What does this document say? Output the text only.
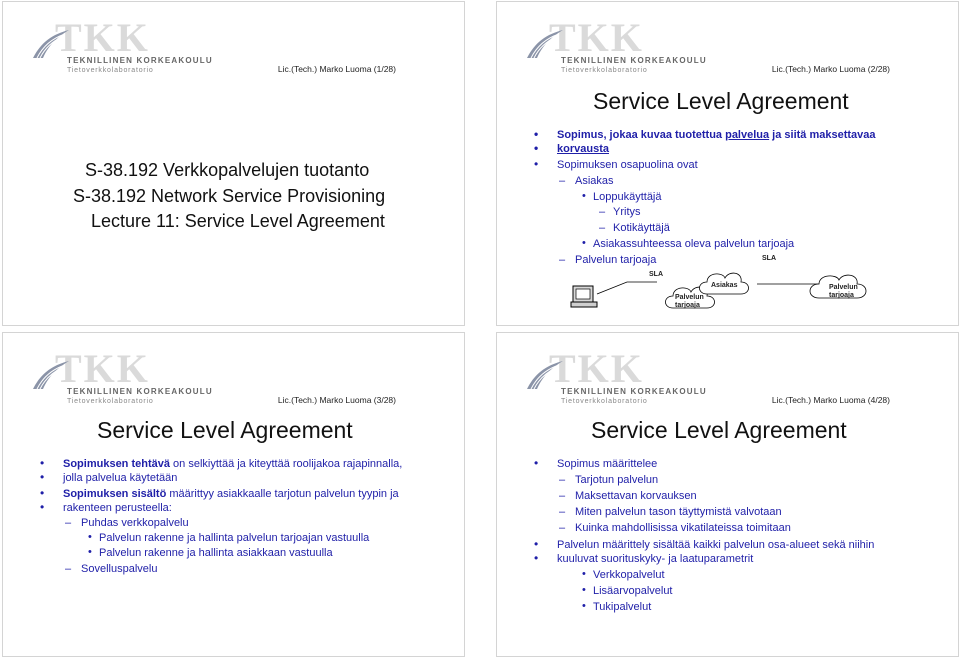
TKK
TEKNILLINEN KORKEAKOULU
Tietoverkkolaboratorio	Lic.(Tech.) Marko Luoma (1/28)
S-38.192 Verkkopalvelujen tuotanto
S-38.192 Network Service Provisioning
Lecture 11: Service Level Agreement
TKK
TEKNILLINEN KORKEAKOULU
Tietoverkkolaboratorio	Lic.(Tech.) Marko Luoma (2/28)
Service Level Agreement
• Sopimus, jokaa kuvaa tuotettua palvelua ja siitä maksettavaa
• korvausta
• Sopimuksen osapuolina ovat
– Asiakas
• Loppukäyttäjä
– Yritys
– Kotikäyttäjä
• Asiakassuhteessa oleva palvelun tarjoaja
– Palvelun tarjoaja
SLA
Palvelun
tarjoaja
Asiakas	Palvelun
tarjoaja
SLA
TKK
TEKNILLINEN KORKEAKOULU
Tietoverkkolaboratorio	Lic.(Tech.) Marko Luoma (3/28)
Service Level Agreement
• Sopimuksen tehtävä on selkiyttää ja kiteyttää roolijakoa rajapinnalla,
• jolla palvelua käytetään
• Sopimuksen sisältö määrittyy asiakkaalle tarjotun palvelun tyypin ja
• rakenteen perusteella:
– Puhdas verkkopalvelu
• Palvelun rakenne ja hallinta palvelun tarjoajan vastuulla
• Palvelun rakenne ja hallinta asiakkaan vastuulla
– Sovelluspalvelu
TKK
TEKNILLINEN KORKEAKOULU
Tietoverkkolaboratorio	Lic.(Tech.) Marko Luoma (4/28)
Service Level Agreement
• Sopimus määrittelee
– Tarjotun palvelun
– Maksettavan korvauksen
– Miten palvelun tason täyttymistä valvotaan
– Kuinka mahdollisissa vikatilateissa toimitaan
• Palvelun määrittely sisältää kaikki palvelun osa-alueet sekä niihin
• kuuluvat suorituskyky- ja laatuparametrit
• Verkkopalvelut
• Lisäarvopalvelut
• Tukipalvelut
